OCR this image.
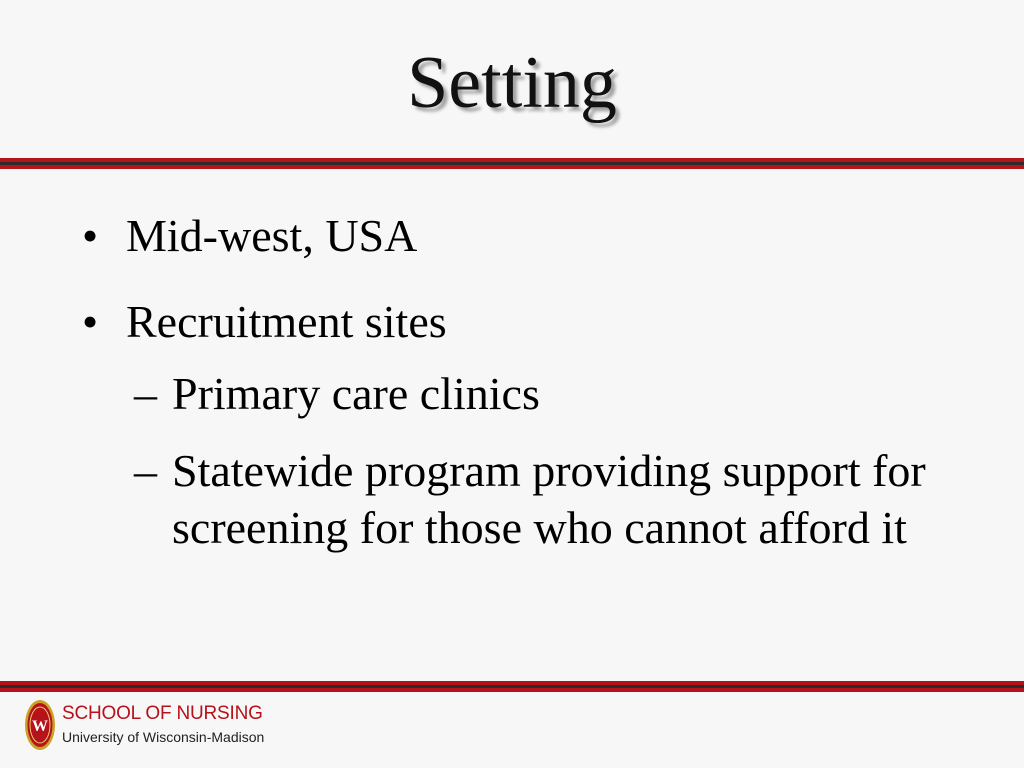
Setting
• Mid-west, USA
• Recruitment sites
– Primary care clinics
– Statewide program providing support for screening for those who cannot afford it
W
SCHOOL OF NURSING
University of Wisconsin-Madison
